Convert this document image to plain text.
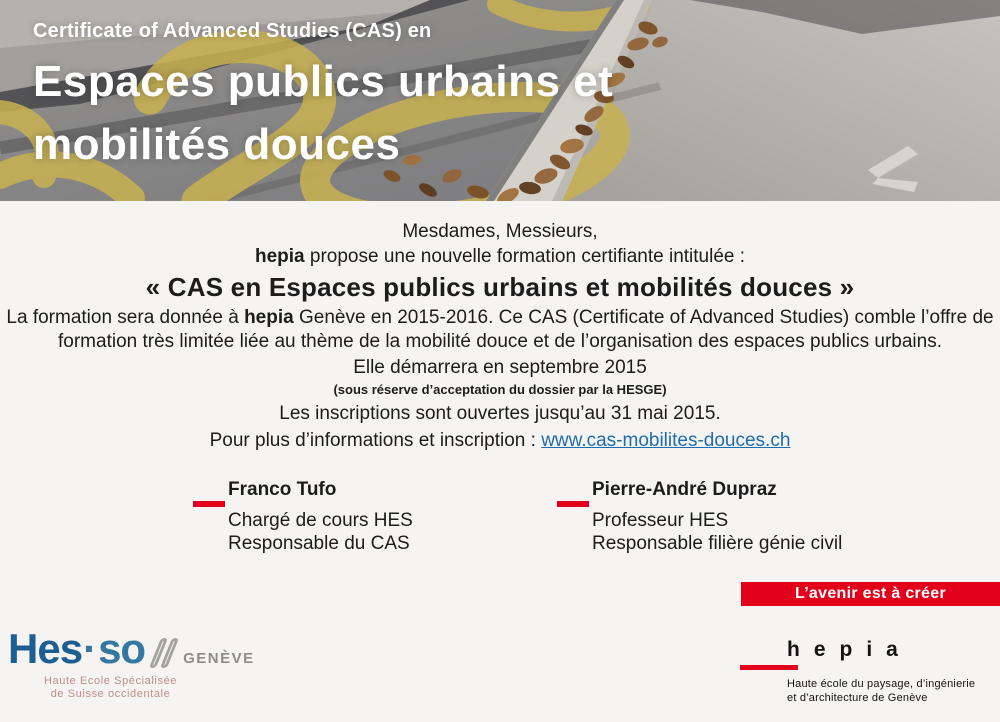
Certificate of Advanced Studies (CAS) en
Espaces publics urbains et
mobilités douces
Mesdames, Messieurs,
hepia propose une nouvelle formation certifiante intitulée :
« CAS en Espaces publics urbains et mobilités douces »
La formation sera donnée à hepia Genève en 2015-2016. Ce CAS (Certificate of Advanced Studies) comble l’offre de formation très limitée liée au thème de la mobilité douce et de l’organisation des espaces publics urbains.
Elle démarrera en septembre 2015
(sous réserve d’acceptation du dossier par la HESGE)
Les inscriptions sont ouvertes jusqu’au 31 mai 2015.
Pour plus d’informations et inscription : www.cas-mobilites-douces.ch
Franco Tufo
Chargé de cours HES
Responsable du CAS
Pierre-André Dupraz
Professeur HES
Responsable filière génie civil
L’avenir est à créer
Hes · so	GENÈVE
Haute Ecole Spécialisée
de Suisse occidentale
hepia
Haute école du paysage, d’ingénierie
et d’architecture de Genève
